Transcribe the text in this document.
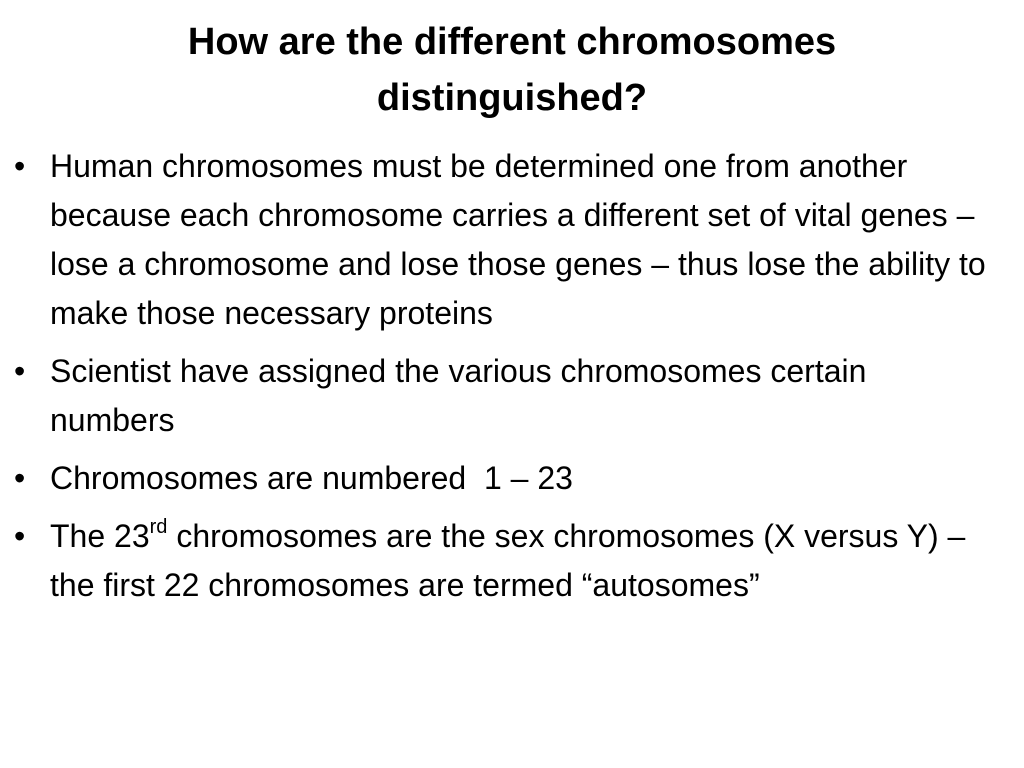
How are the different chromosomes distinguished?
• Human chromosomes must be determined one from another because each chromosome carries a different set of vital genes – lose a chromosome and lose those genes – thus lose the ability to make those necessary proteins
• Scientist have assigned the various chromosomes certain numbers
• Chromosomes are numbered  1 – 23
• The 23rd chromosomes are the sex chromosomes (X versus Y) – the first 22 chromosomes are termed “autosomes”
